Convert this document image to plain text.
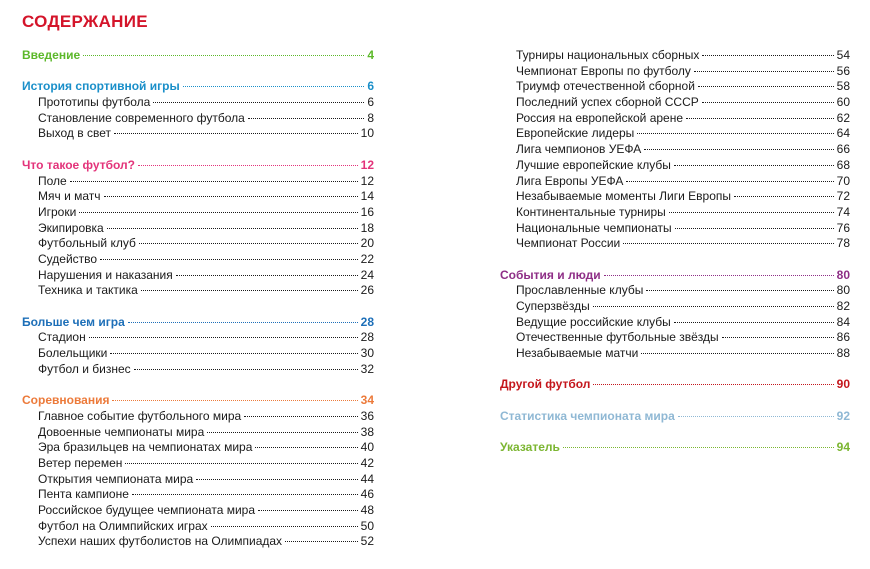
СОДЕРЖАНИЕ
Введение	4
История спортивной игры	6
Прототипы футбола	6
Становление современного футбола	8
Выход в свет	10
Что такое футбол?	12
Поле	12
Мяч и матч	14
Игроки	16
Экипировка	18
Футбольный клуб	20
Судейство	22
Нарушения и наказания	24
Техника и тактика	26
Больше чем игра	28
Стадион	28
Болельщики	30
Футбол и бизнес	32
Соревнования	34
Главное событие футбольного мира	36
Довоенные чемпионаты мира	38
Эра бразильцев на чемпионатах мира	40
Ветер перемен	42
Открытия чемпионата мира	44
Пента кампионе	46
Российское будущее чемпионата мира	48
Футбол на Олимпийских играх	50
Успехи наших футболистов на Олимпиадах	52
Турниры национальных сборных	54
Чемпионат Европы по футболу	56
Триумф отечественной сборной	58
Последний успех сборной СССР	60
Россия на европейской арене	62
Европейские лидеры	64
Лига чемпионов УЕФА	66
Лучшие европейские клубы	68
Лига Европы УЕФА	70
Незабываемые моменты Лиги Европы	72
Континентальные турниры	74
Национальные чемпионаты	76
Чемпионат России	78
События и люди	80
Прославленные клубы	80
Суперзвёзды	82
Ведущие российские клубы	84
Отечественные футбольные звёзды	86
Незабываемые матчи	88
Другой футбол	90
Статистика чемпионата мира	92
Указатель	94
